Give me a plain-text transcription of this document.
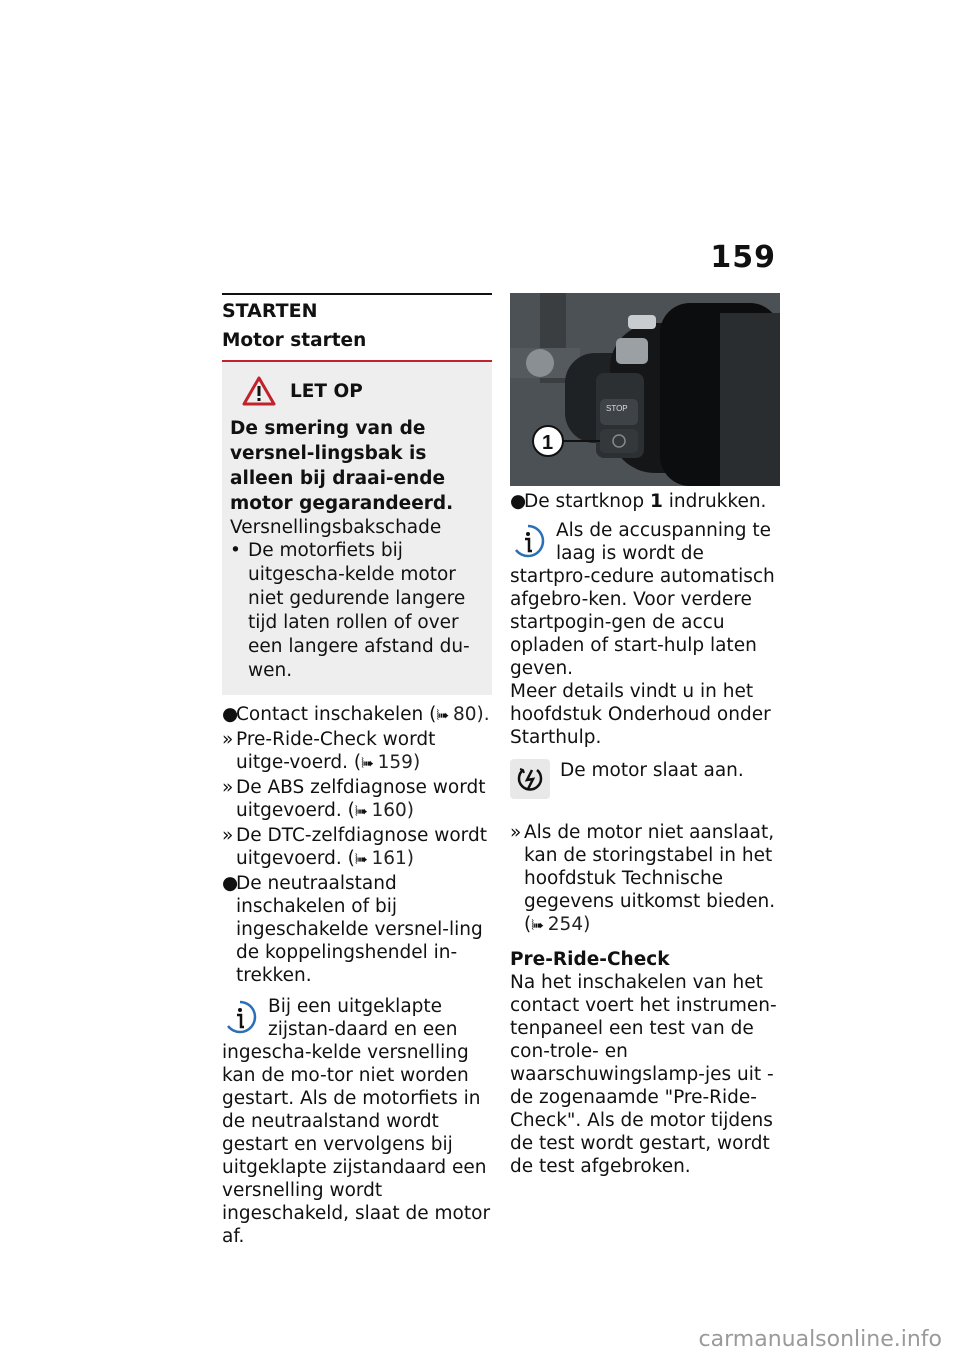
159
STARTEN
Motor starten
LET OP
De smering van de versnel-lingsbak is alleen bij draai-ende motor gegarandeerd.
Versnellingsbakschade
• De motorfiets bij uitgescha-kelde motor niet gedurende langere tijd laten rollen of over een langere afstand du-wen.
●
Contact inschakelen (⦚➠ 80).
» Pre-Ride-Check wordt uitge-voerd. (⦚➠ 159)
» De ABS zelfdiagnose wordt uitgevoerd. (⦚➠ 160)
» De DTC-zelfdiagnose wordt uitgevoerd. (⦚➠ 161)
●
De neutraalstand inschakelen of bij ingeschakelde versnel-ling de koppelingshendel in-trekken.
Bij een uitgeklapte zijstan-daard en een ingescha-kelde versnelling kan de mo-tor niet worden gestart. Als de motorfiets in de neutraalstand wordt gestart en vervolgens bij uitgeklapte zijstandaard een versnelling wordt ingeschakeld, slaat de motor af.
STOP
1
●
De startknop 1 indrukken.
Als de accuspanning te laag is wordt de startpro-cedure automatisch afgebro-ken. Voor verdere startpogin-gen de accu opladen of start-hulp laten geven.
Meer details vindt u in het hoofdstuk Onderhoud onder Starthulp.
De motor slaat aan.
» Als de motor niet aanslaat, kan de storingstabel in het hoofdstuk Technische gegevens uitkomst bieden. (⦚➠ 254)
Pre-Ride-Check
Na het inschakelen van het contact voert het instrumen-tenpaneel een test van de con-trole- en waarschuwingslamp-jes uit - de zogenaamde "Pre-Ride-Check". Als de motor tijdens de test wordt gestart, wordt de test afgebroken.
carmanualsonline.info
